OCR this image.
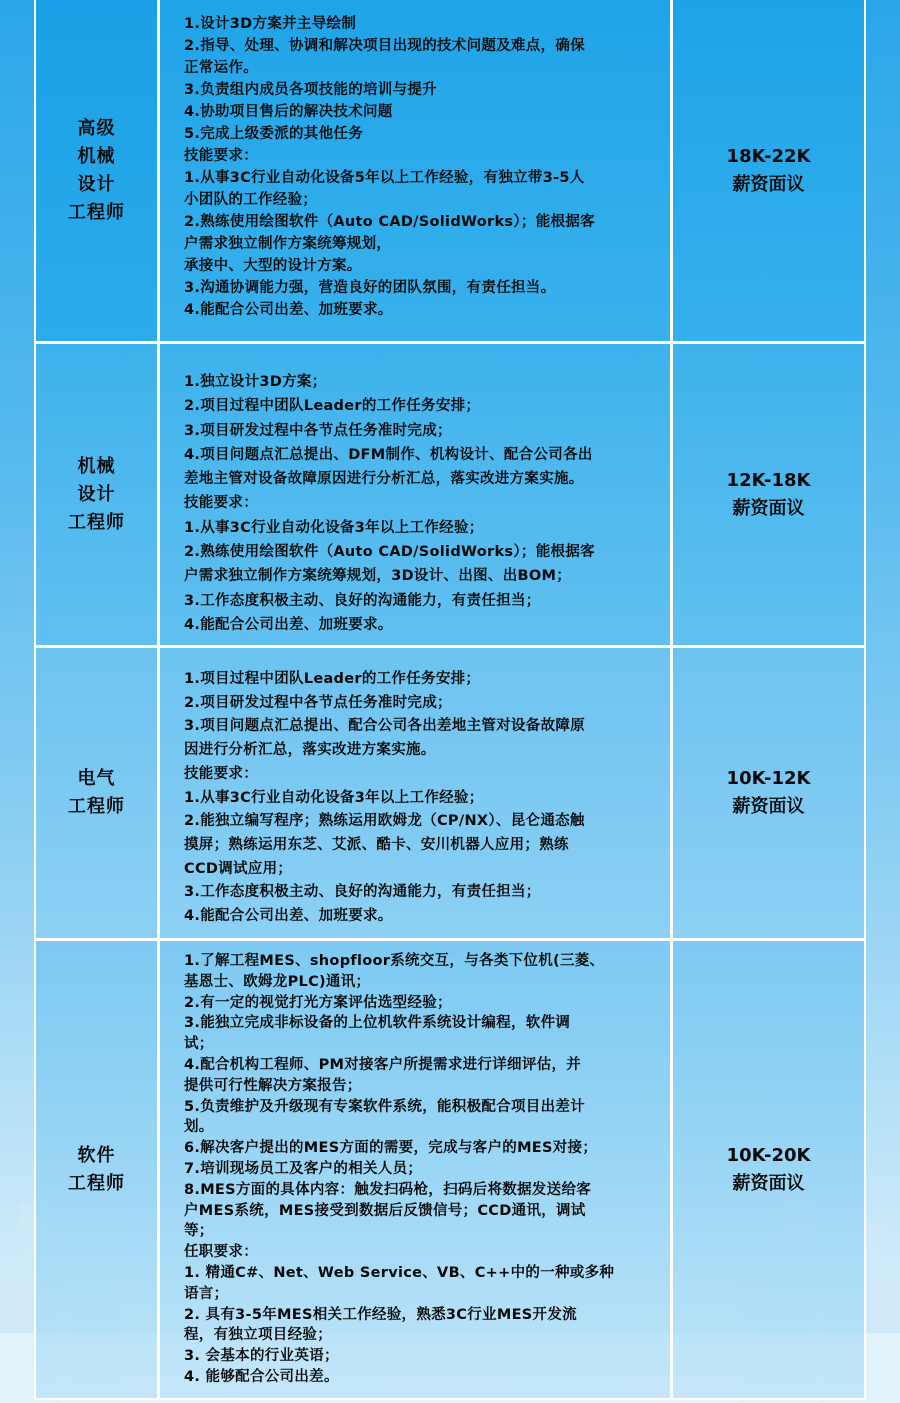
高级
机械
设计
工程师
1.设计3D方案并主导绘制
2.指导、处理、协调和解决项目出现的技术问题及难点，确保
正常运作。
3.负责组内成员各项技能的培训与提升
4.协助项目售后的解决技术问题
5.完成上级委派的其他任务
技能要求：
1.从事3C行业自动化设备5年以上工作经验，有独立带3-5人
小团队的工作经验；
2.熟练使用绘图软件（Auto CAD/SolidWorks）；能根据客
户需求独立制作方案统筹规划，
承接中、大型的设计方案。
3.沟通协调能力强，营造良好的团队氛围，有责任担当。
4.能配合公司出差、加班要求。
18K-22K
薪资面议
机械
设计
工程师
1.独立设计3D方案；
2.项目过程中团队Leader的工作任务安排；
3.项目研发过程中各节点任务准时完成；
4.项目问题点汇总提出、DFM制作、机构设计、配合公司各出
差地主管对设备故障原因进行分析汇总，落实改进方案实施。
技能要求：
1.从事3C行业自动化设备3年以上工作经验；
2.熟练使用绘图软件（Auto CAD/SolidWorks）；能根据客
户需求独立制作方案统筹规划，3D设计、出图、出BOM；
3.工作态度积极主动、良好的沟通能力，有责任担当；
4.能配合公司出差、加班要求。
12K-18K
薪资面议
电气
工程师
1.项目过程中团队Leader的工作任务安排；
2.项目研发过程中各节点任务准时完成；
3.项目问题点汇总提出、配合公司各出差地主管对设备故障原
因进行分析汇总，落实改进方案实施。
技能要求：
1.从事3C行业自动化设备3年以上工作经验；
2.能独立编写程序；熟练运用欧姆龙（CP/NX）、昆仑通态触
摸屏；熟练运用东芝、艾派、酷卡、安川机器人应用；熟练
CCD调试应用；
3.工作态度积极主动、良好的沟通能力，有责任担当；
4.能配合公司出差、加班要求。
10K-12K
薪资面议
软件
工程师
1.了解工程MES、shopfloor系统交互，与各类下位机(三菱、
基恩士、欧姆龙PLC)通讯；
2.有一定的视觉打光方案评估选型经验；
3.能独立完成非标设备的上位机软件系统设计编程，软件调
试；
4.配合机构工程师、PM对接客户所提需求进行详细评估，并
提供可行性解决方案报告；
5.负责维护及升级现有专案软件系统，能积极配合项目出差计
划。
6.解决客户提出的MES方面的需要，完成与客户的MES对接；
7.培训现场员工及客户的相关人员；
8.MES方面的具体内容：触发扫码枪，扫码后将数据发送给客
户MES系统，MES接受到数据后反馈信号；CCD通讯，调试
等；
任职要求：
1. 精通C#、Net、Web Service、VB、C++中的一种或多种
语言；
2. 具有3-5年MES相关工作经验，熟悉3C行业MES开发流
程，有独立项目经验；
3. 会基本的行业英语；
4. 能够配合公司出差。
10K-20K
薪资面议
